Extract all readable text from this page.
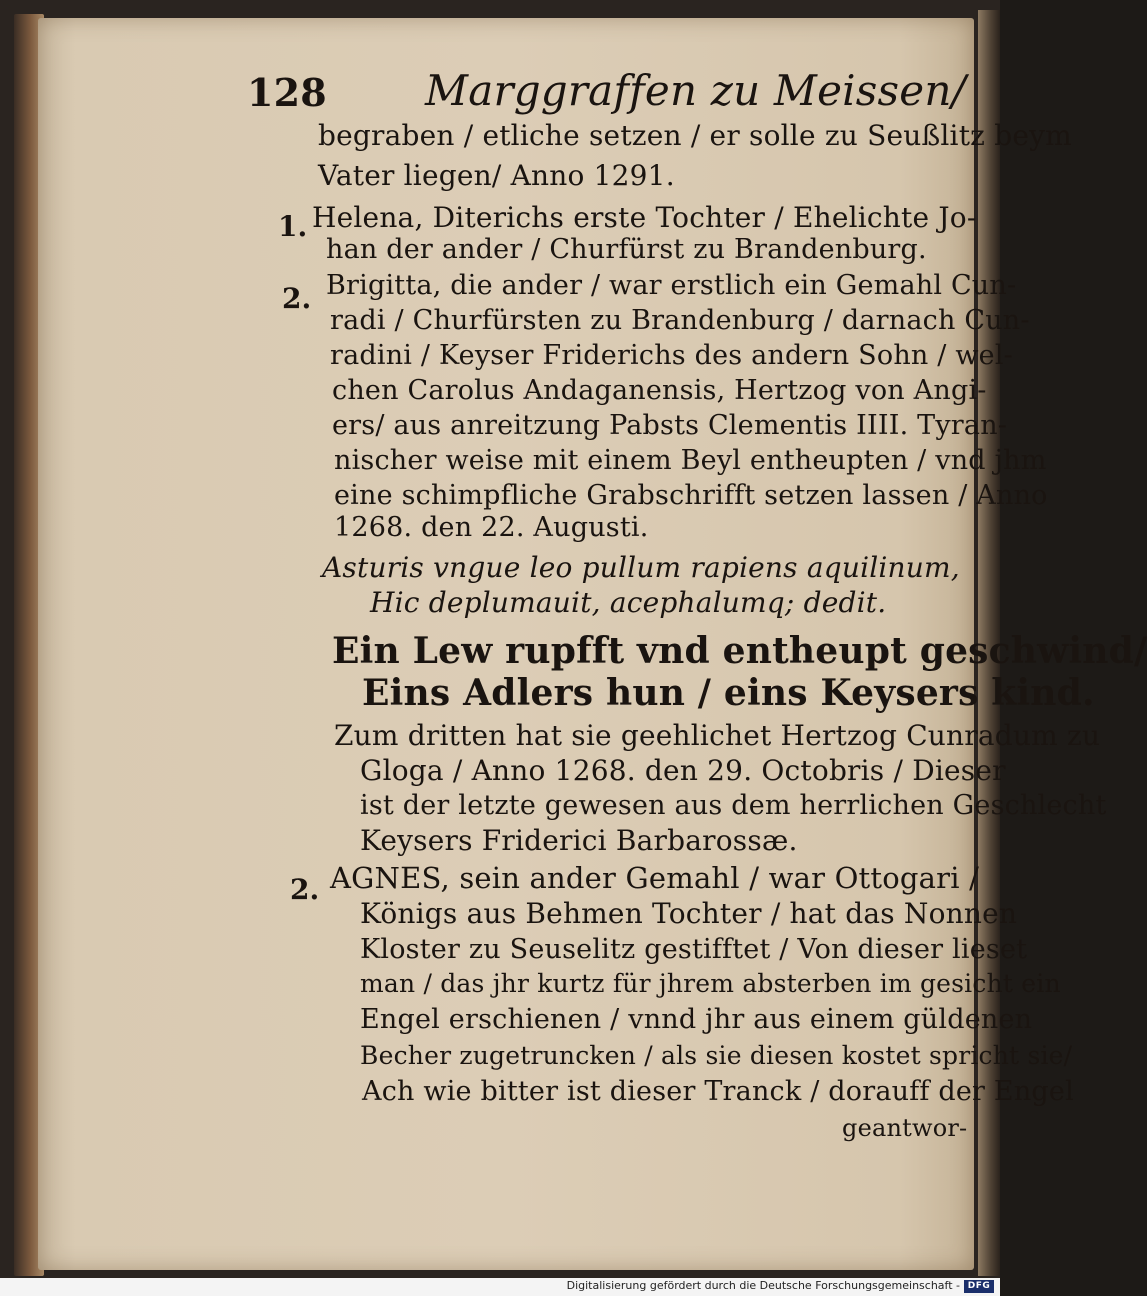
128 Marggraffen zu Meissen/
begraben / etliche setzen / er solle zu Seußlitz beym
Vater liegen/ Anno 1291.
1. Helena, Diterichs erste Tochter / Ehelichte Jo-
han der ander / Churfürst zu Brandenburg.
2. Brigitta, die ander / war erstlich ein Gemahl Cun-
radi / Churfürsten zu Brandenburg / darnach Cun-
radini / Keyser Friderichs des andern Sohn / wel-
chen Carolus Andaganensis, Hertzog von Angi-
ers/ aus anreitzung Pabsts Clementis IIII. Tyran-
nischer weise mit einem Beyl entheupten / vnd jhm
eine schimpfliche Grabschrifft setzen lassen / Anno
1268. den 22. Augusti.
Asturis vngue leo pullum rapiens aquilinum,
Hic deplumauit, acephalumq; dedit.
Ein Lew rupfft vnd entheupt geschwind/
Eins Adlers hun / eins Keysers kind.
Zum dritten hat sie geehlichet Hertzog Cunradum zu
Gloga / Anno 1268. den 29. Octobris / Dieser
ist der letzte gewesen aus dem herrlichen Geschlecht
Keysers Friderici Barbarossæ.
2. AGNES, sein ander Gemahl / war Ottogari /
Königs aus Behmen Tochter / hat das Nonnen
Kloster zu Seuselitz gestifftet / Von dieser lieset
man / das jhr kurtz für jhrem absterben im gesicht ein
Engel erschienen / vnnd jhr aus einem güldenen
Becher zugetruncken / als sie diesen kostet spricht sie/
Ach wie bitter ist dieser Tranck / dorauff der Engel
geantwor-
Digitalisierung gefördert durch die Deutsche Forschungsgemeinschaft - DFG
